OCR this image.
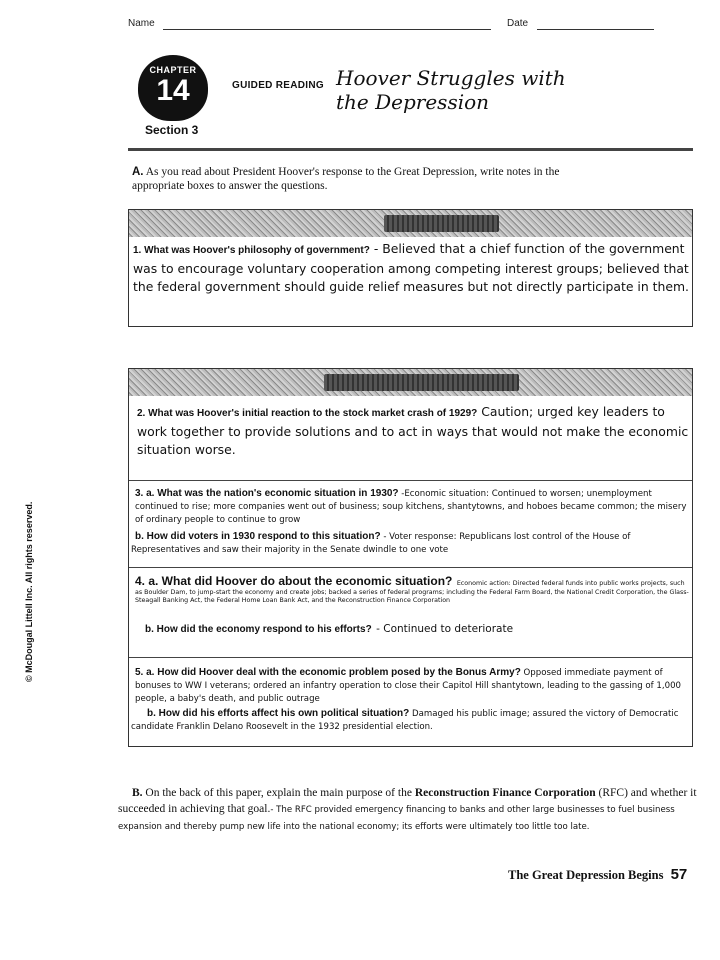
Name	Date
CHAPTER
14
Section 3
GUIDED READING Hoover Struggles with
the Depression
A. As you read about President Hoover's response to the Great Depression, write notes in the appropriate boxes to answer the questions.
1. What was Hoover's philosophy of government? - Believed that a chief function of the government was to encourage voluntary cooperation among competing interest groups; believed that the federal government should guide relief measures but not directly participate in them.
2. What was Hoover's initial reaction to the stock market crash of 1929? Caution; urged key leaders to work together to provide solutions and to act in ways that would not make the economic situation worse.
3. a. What was the nation's economic situation in 1930? -Economic situation: Continued to worsen; unemployment continued to rise; more companies went out of business; soup kitchens, shantytowns, and hoboes became common; the misery of ordinary people to continue to grow
b. How did voters in 1930 respond to this situation? - Voter response: Republicans lost control of the House of Representatives and saw their majority in the Senate dwindle to one vote
4. a. What did Hoover do about the economic situation? Economic action: Directed federal funds into public works projects, such
as Boulder Dam, to jump-start the economy and create jobs; backed a series of federal programs; including the Federal Farm Board, the National Credit Corporation, the Glass-Steagall Banking Act, the Federal Home Loan Bank Act, and the Reconstruction Finance Corporation
b. How did the economy respond to his efforts? - Continued to deteriorate
5. a. How did Hoover deal with the economic problem posed by the Bonus Army? Opposed immediate payment of bonuses to WW I veterans; ordered an infantry operation to close their Capitol Hill shantytown, leading to the gassing of 1,000 people, a baby's death, and public outrage
b. How did his efforts affect his own political situation? Damaged his public image; assured the victory of Democratic candidate Franklin Delano Roosevelt in the 1932 presidential election.
B. On the back of this paper, explain the main purpose of the Reconstruction Finance Corporation (RFC) and whether it succeeded in achieving that goal.- The RFC provided emergency financing to banks and other large businesses to fuel business expansion and thereby pump new life into the national economy; its efforts were ultimately too little too late.
The Great Depression Begins 57
© McDougal Littell Inc. All rights reserved.
